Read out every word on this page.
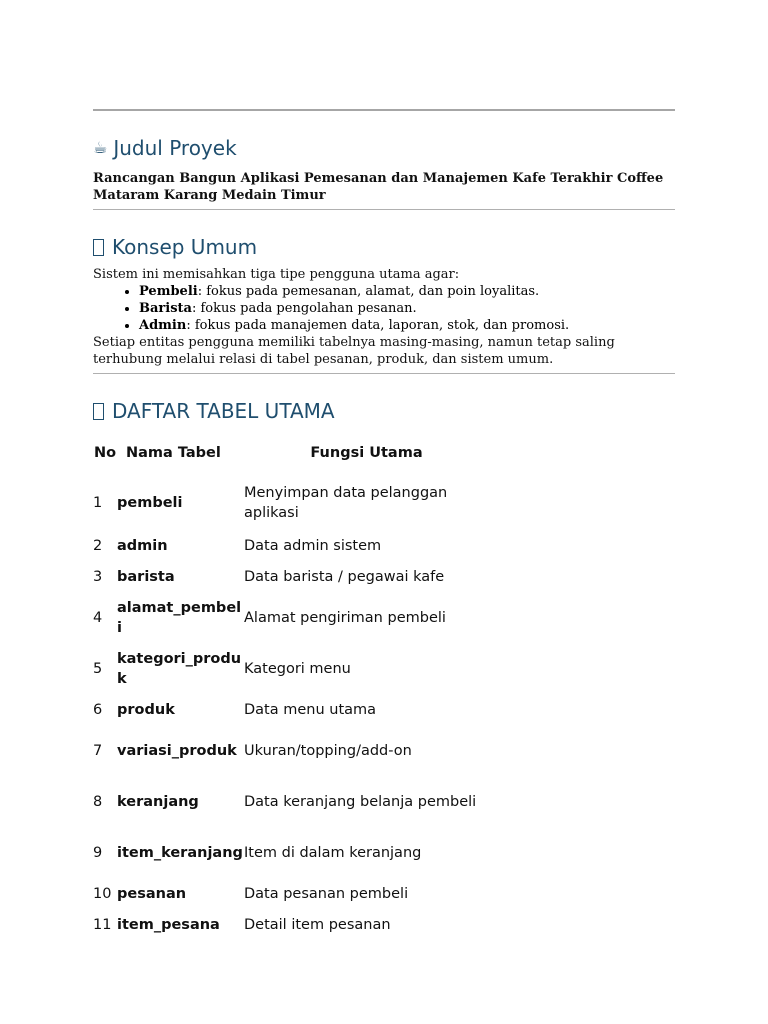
☕ Judul Proyek

Rancangan Bangun Aplikasi Pemesanan dan Manajemen Kafe Terakhir Coffee Mataram Karang Medain Timur

Konsep Umum

Sistem ini memisahkan tiga tipe pengguna utama agar:

• Pembeli: fokus pada pemesanan, alamat, dan poin loyalitas.
• Barista: fokus pada pengolahan pesanan.
• Admin: fokus pada manajemen data, laporan, stok, dan promosi.

Setiap entitas pengguna memiliki tabelnya masing-masing, namun tetap saling terhubung melalui relasi di tabel pesanan, produk, dan sistem umum.

DAFTAR TABEL UTAMA
No	Nama Tabel	Fungsi Utama
1	pembeli	Menyimpan data pelanggan aplikasi
2	admin	Data admin sistem
3	barista	Data barista / pegawai kafe
4	alamat_pembeli	Alamat pengiriman pembeli
5	kategori_produk	Kategori menu
6	produk	Data menu utama
7	variasi_produk	Ukuran/topping/add-on
8	keranjang	Data keranjang belanja pembeli
9	item_keranjang	Item di dalam keranjang
10	pesanan	Data pesanan pembeli
11	item_pesana	Detail item pesanan
